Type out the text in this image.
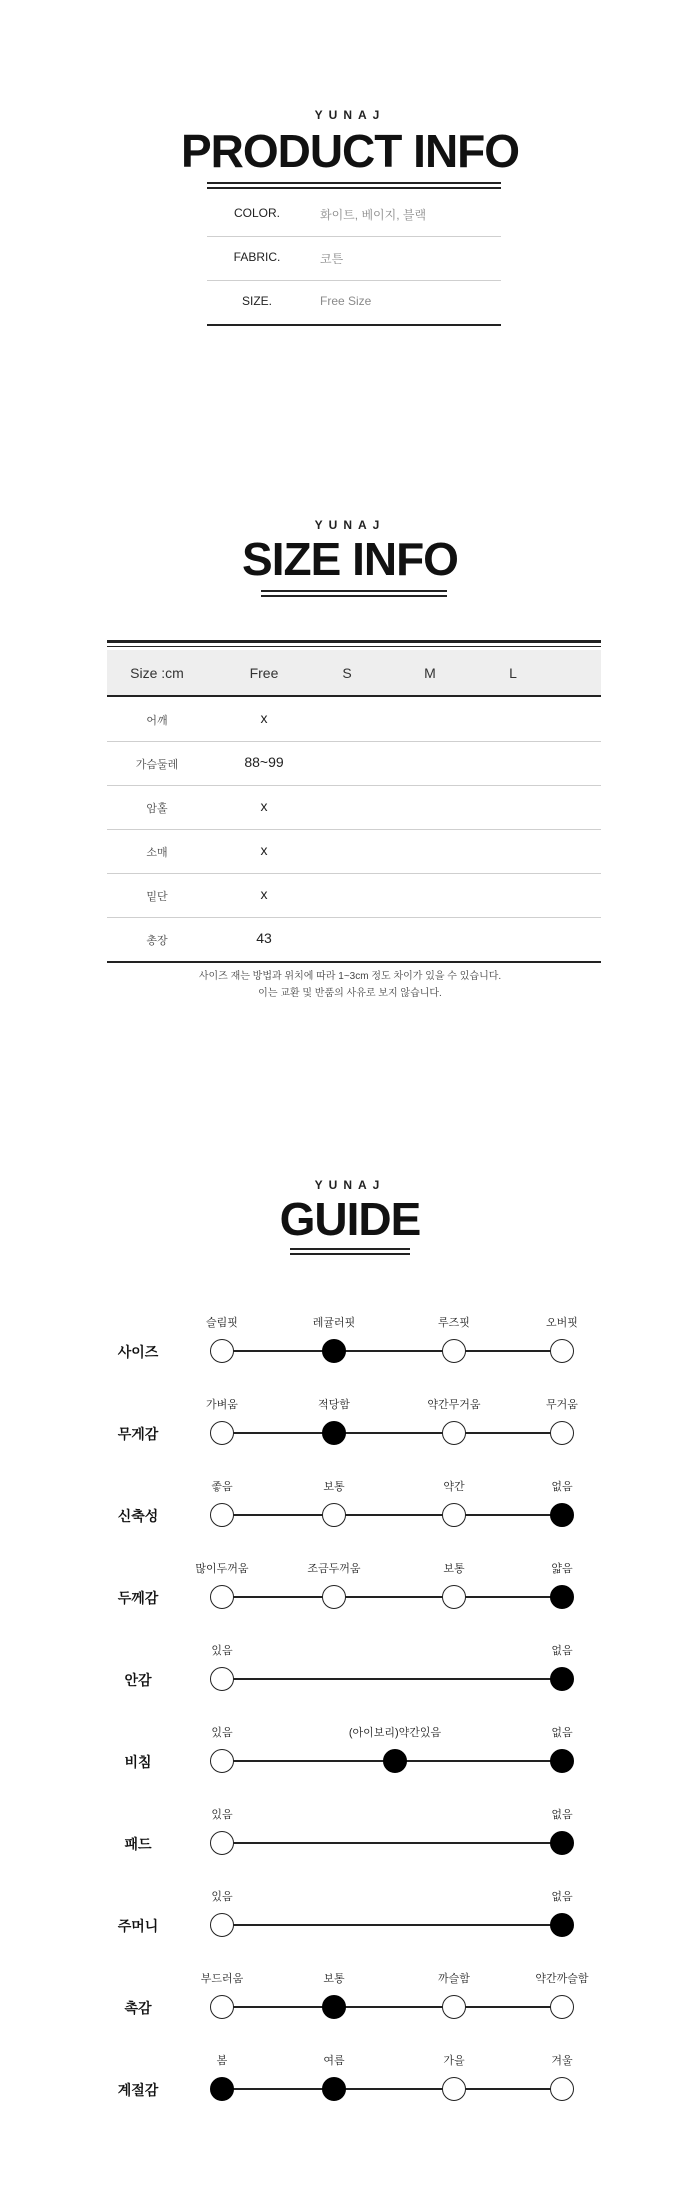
YUNAJ
PRODUCT INFO
COLOR.	화이트, 베이지, 블랙
FABRIC.	코튼
SIZE.	Free Size
YUNAJ
SIZE INFO
Size :cm	Free	S	M	L
어깨	x
가슴둘레	88~99
암홀	x
소매	x
밑단	x
총장	43
사이즈 재는 방법과 위치에 따라 1~3cm 정도 차이가 있을 수 있습니다.
이는 교환 및 반품의 사유로 보지 않습니다.
YUNAJ
GUIDE
사이즈
슬림핏	레귤러핏	루즈핏	오버핏
무게감
가벼움	적당함	약간무거움	무거움
신축성
좋음	보통	약간	없음
두께감
많이두꺼움	조금두꺼움	보통	얇음
안감
있음	없음
비침
있음	(아이보리)약간있음	없음
패드
있음	없음
주머니
있음	없음
촉감
부드러움	보통	까슬함	약간까슬함
계절감
봄	여름	가을	겨울
